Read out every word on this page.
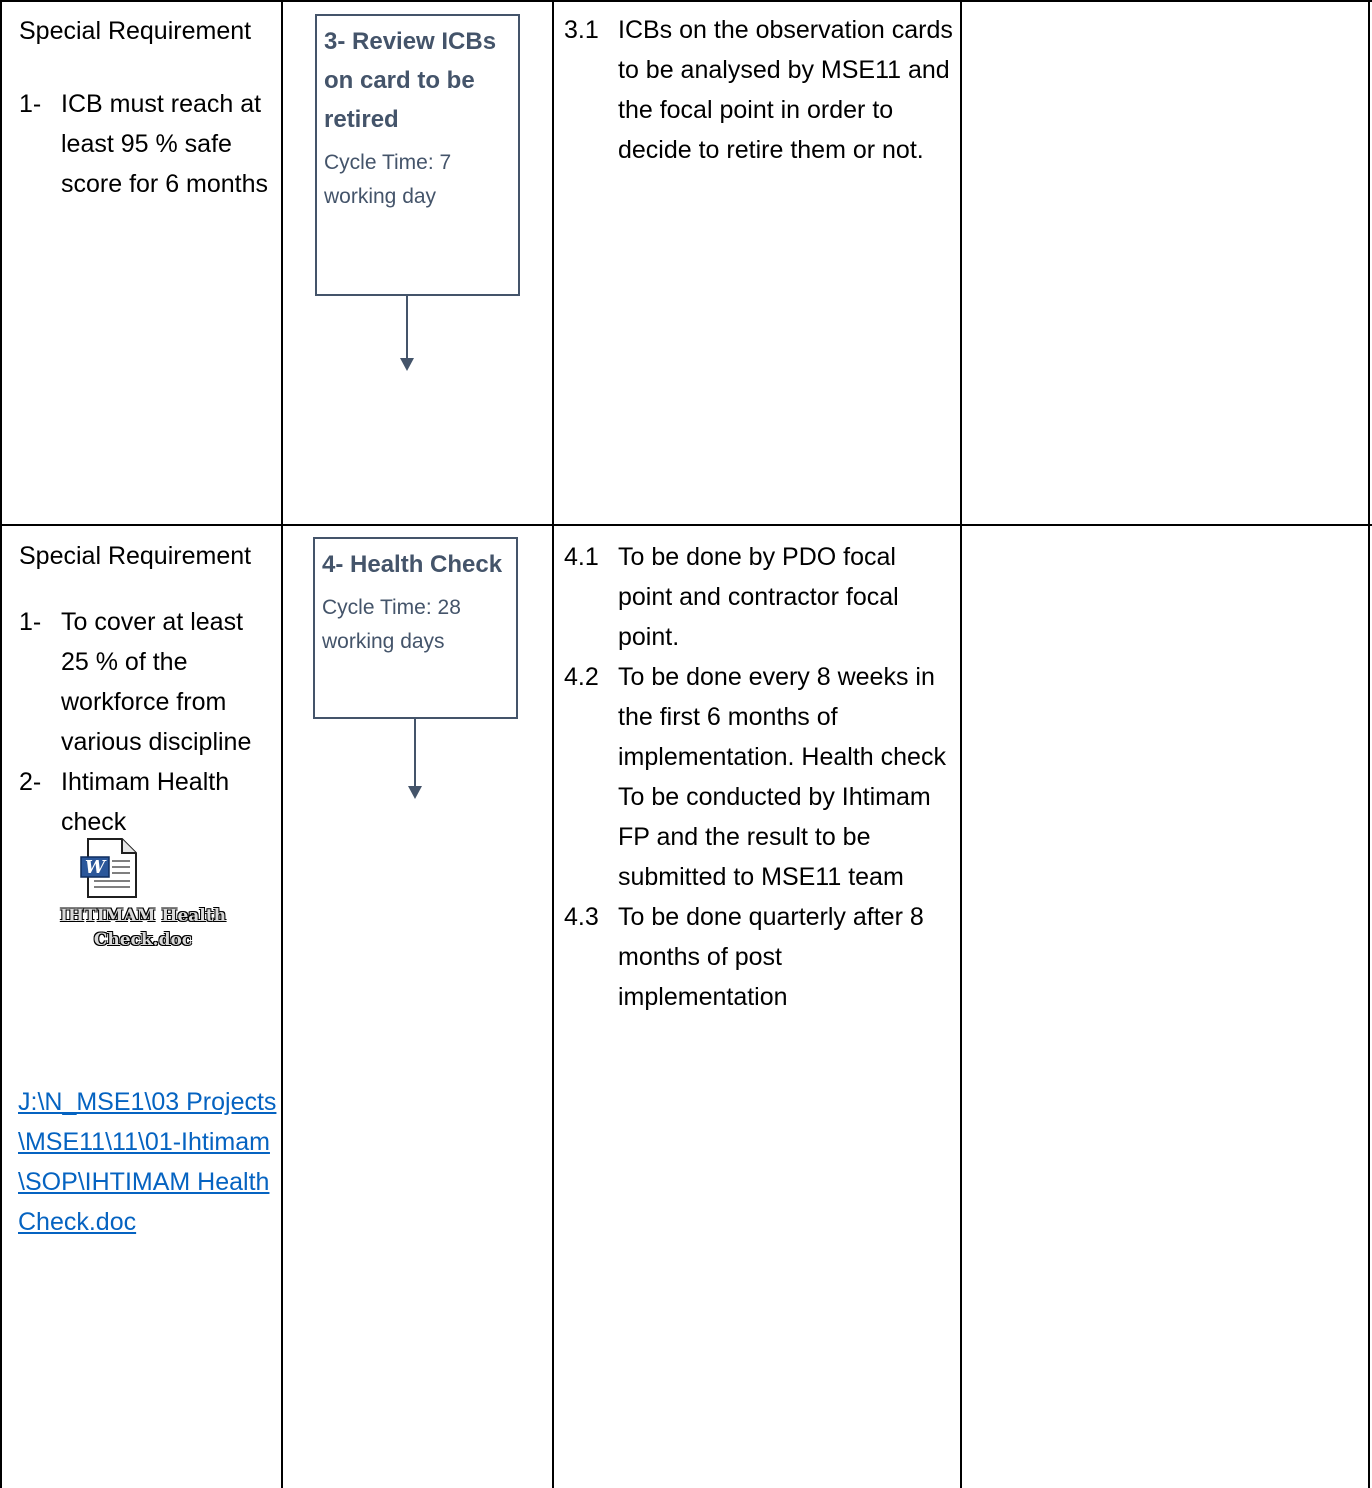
Special Requirement
1- ICB must reach at least 95 % safe score for 6 months
3- Review ICBs on card to be retired
Cycle Time: 7 working day
3.1 ICBs on the observation cards to be analysed by MSE11 and the focal point in order to decide to retire them or not.
Special Requirement
1- To cover at least 25 % of the workforce from various discipline
2- Ihtimam Health check
W
IHTIMAM Health
Check.doc
J:\N_MSE1\03 Projects\MSE11\11\01-Ihtimam\SOP\IHTIMAM Health Check.doc
4- Health Check
Cycle Time: 28 working days
4.1 To be done by PDO focal point and contractor focal point.
4.2 To be done every 8 weeks in the first 6 months of implementation. Health check To be conducted by Ihtimam FP and the result to be submitted to MSE11 team
4.3 To be done quarterly after 8 months of post implementation
